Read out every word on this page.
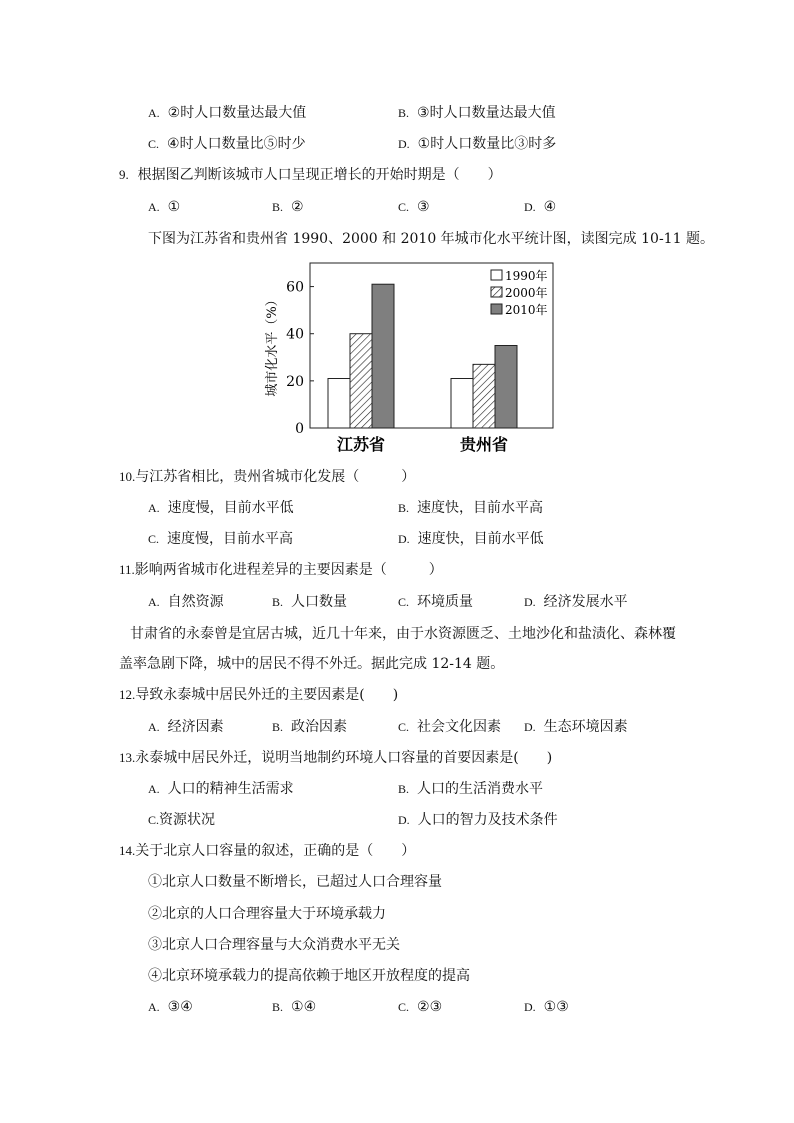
A. ②时人口数量达最大值	B. ③时人口数量达最大值
C. ④时人口数量比⑤时少	D. ①时人口数量比③时多
9. 根据图乙判断该城市人口呈现正增长的开始时期是（　　）
A. ①	B. ②	C. ③	D. ④
下图为江苏省和贵州省 1990、2000 和 2010 年城市化水平统计图，读图完成 10-11 题。
城市化水平（%）
0
20
40
60
江苏省	贵州省
1990年
2000年
2010年
10.与江苏省相比，贵州省城市化发展（　　　）
A. 速度慢，目前水平低	B. 速度快，目前水平高
C. 速度慢，目前水平高	D. 速度快，目前水平低
11.影响两省城市化进程差异的主要因素是（　　　）
A. 自然资源	B. 人口数量	C. 环境质量	D. 经济发展水平
甘肃省的永泰曾是宜居古城，近几十年来，由于水资源匮乏、土地沙化和盐渍化、森林覆
盖率急剧下降，城中的居民不得不外迁。据此完成 12-14 题。
12.导致永泰城中居民外迁的主要因素是(　　)
A. 经济因素	B. 政治因素	C. 社会文化因素 D. 生态环境因素
13.永泰城中居民外迁，说明当地制约环境人口容量的首要因素是(　　)
A. 人口的精神生活需求	B. 人口的生活消费水平
C.资源状况	D. 人口的智力及技术条件
14.关于北京人口容量的叙述，正确的是（　　）
①北京人口数量不断增长，已超过人口合理容量
②北京的人口合理容量大于环境承载力
③北京人口合理容量与大众消费水平无关
④北京环境承载力的提高依赖于地区开放程度的提高
A. ③④	B. ①④	C. ②③	D. ①③
